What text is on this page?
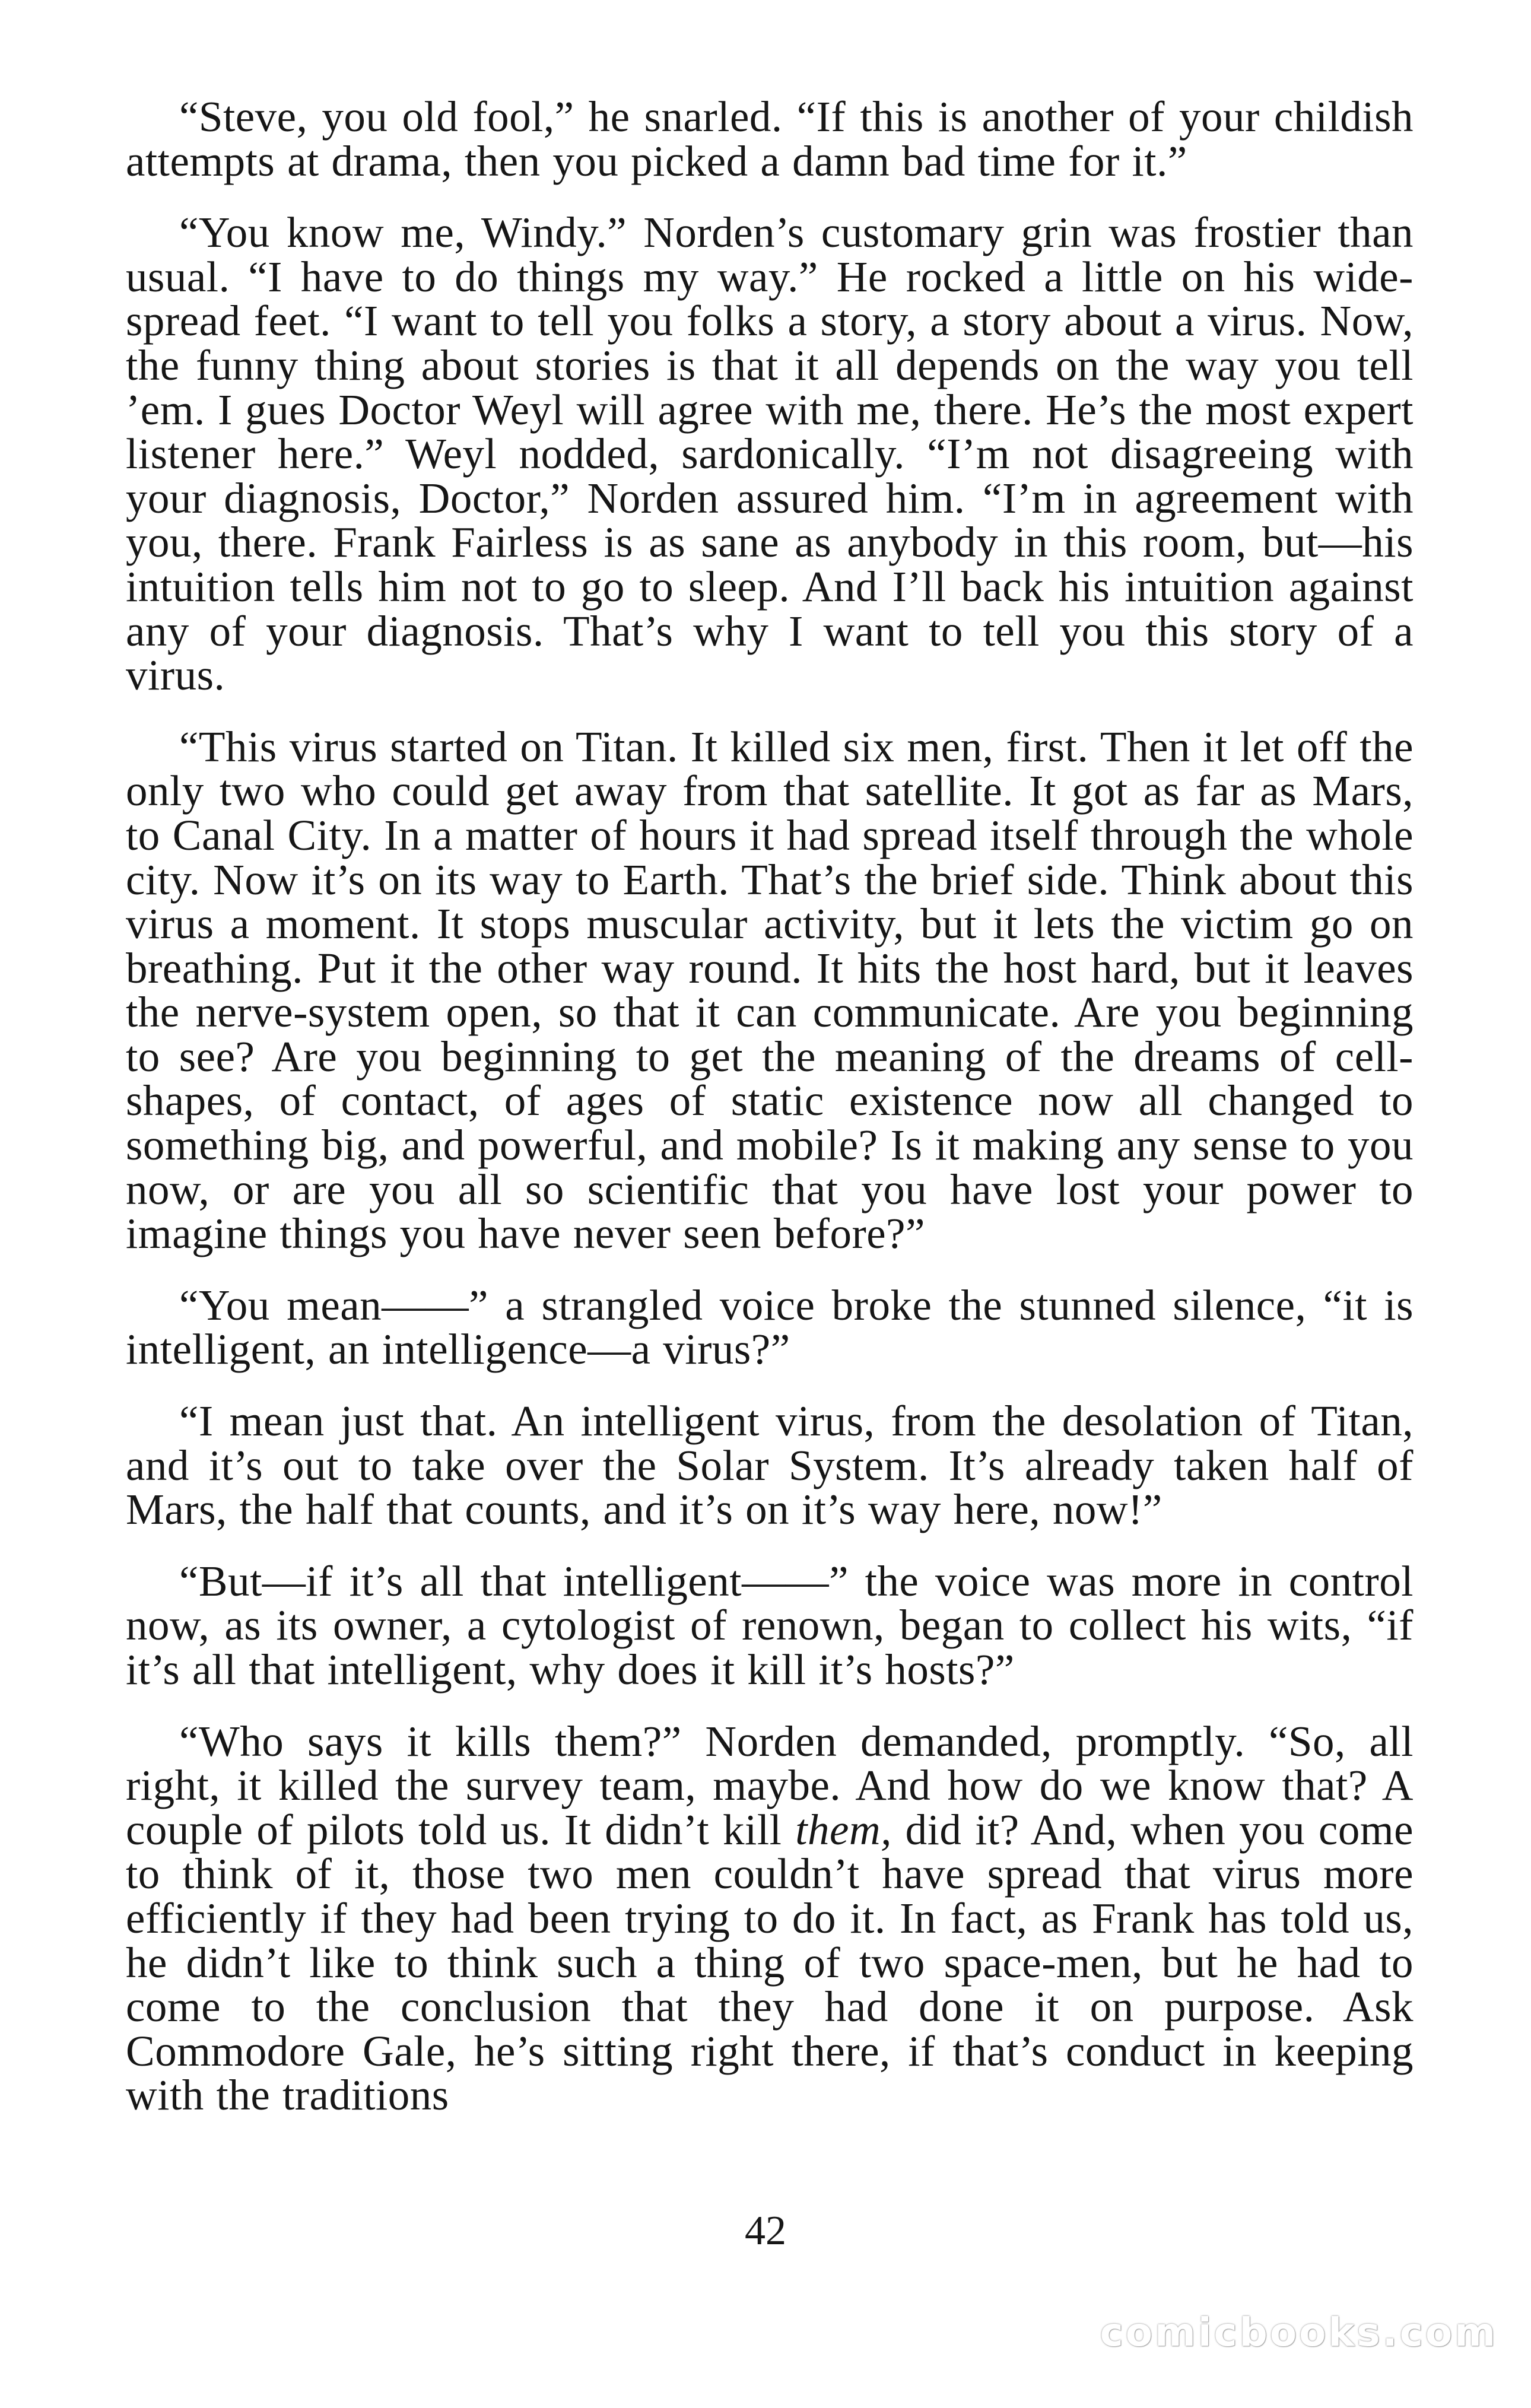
“Steve, you old fool,” he snarled. “If this is another of your childish attempts at drama, then you picked a damn bad time for it.”

“You know me, Windy.” Norden’s customary grin was frostier than usual. “I have to do things my way.” He rocked a little on his wide-spread feet. “I want to tell you folks a story, a story about a virus. Now, the funny thing about stories is that it all depends on the way you tell ’em. I gues Doctor Weyl will agree with me, there. He’s the most expert listener here.” Weyl nodded, sardonically. “I’m not disagreeing with your diagnosis, Doctor,” Norden assured him. “I’m in agreement with you, there. Frank Fairless is as sane as anybody in this room, but—his intuition tells him not to go to sleep. And I’ll back his intuition against any of your diagnosis. That’s why I want to tell you this story of a virus.

“This virus started on Titan. It killed six men, first. Then it let off the only two who could get away from that satellite. It got as far as Mars, to Canal City. In a matter of hours it had spread itself through the whole city. Now it’s on its way to Earth. That’s the brief side. Think about this virus a moment. It stops muscular activity, but it lets the victim go on breathing. Put it the other way round. It hits the host hard, but it leaves the nerve-system open, so that it can communicate. Are you beginning to see? Are you beginning to get the meaning of the dreams of cell-shapes, of contact, of ages of static existence now all changed to something big, and powerful, and mobile? Is it making any sense to you now, or are you all so scientific that you have lost your power to imagine things you have never seen before?”

“You mean——” a strangled voice broke the stunned silence, “it is intelligent, an intelligence—a virus?”

“I mean just that. An intelligent virus, from the desolation of Titan, and it’s out to take over the Solar System. It’s already taken half of Mars, the half that counts, and it’s on it’s way here, now!”

“But—if it’s all that intelligent——” the voice was more in control now, as its owner, a cytologist of renown, began to collect his wits, “if it’s all that intelligent, why does it kill it’s hosts?”

“Who says it kills them?” Norden demanded, promptly. “So, all right, it killed the survey team, maybe. And how do we know that? A couple of pilots told us. It didn’t kill them, did it? And, when you come to think of it, those two men couldn’t have spread that virus more efficiently if they had been trying to do it. In fact, as Frank has told us, he didn’t like to think such a thing of two space-men, but he had to come to the conclusion that they had done it on purpose. Ask Commodore Gale, he’s sitting right there, if that’s conduct in keeping with the traditions

42
comicbooks.com
